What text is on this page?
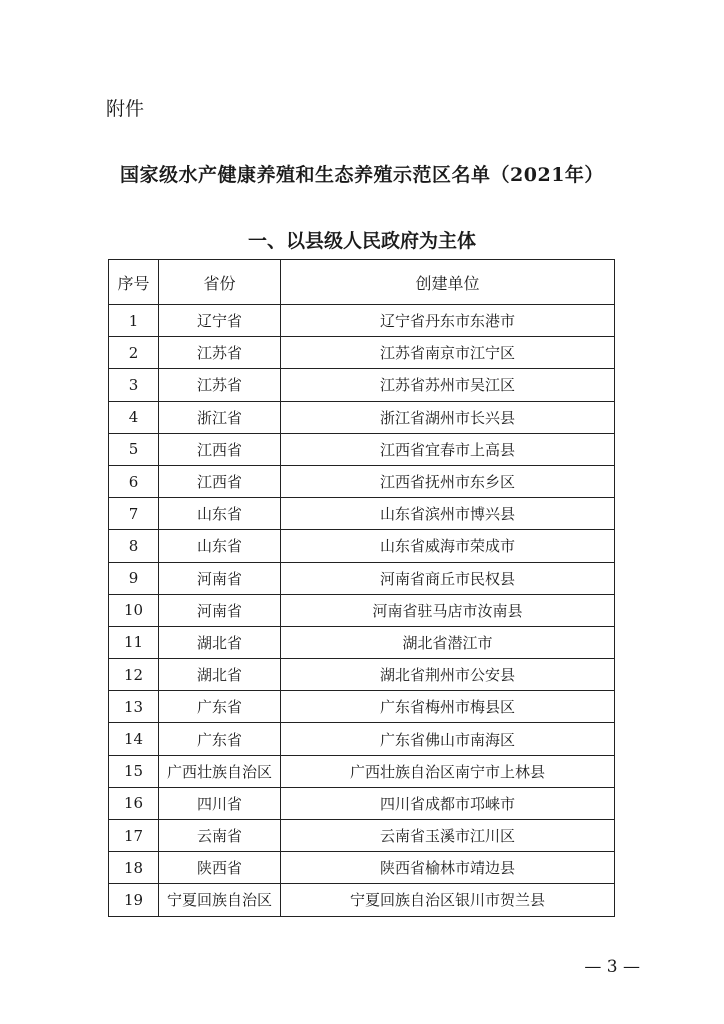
附件
国家级水产健康养殖和生态养殖示范区名单（2021年）
一、以县级人民政府为主体
序号	省份	创建单位
1	辽宁省	辽宁省丹东市东港市
2	江苏省	江苏省南京市江宁区
3	江苏省	江苏省苏州市吴江区
4	浙江省	浙江省湖州市长兴县
5	江西省	江西省宜春市上高县
6	江西省	江西省抚州市东乡区
7	山东省	山东省滨州市博兴县
8	山东省	山东省威海市荣成市
9	河南省	河南省商丘市民权县
10	河南省	河南省驻马店市汝南县
11	湖北省	湖北省潜江市
12	湖北省	湖北省荆州市公安县
13	广东省	广东省梅州市梅县区
14	广东省	广东省佛山市南海区
15	广西壮族自治区	广西壮族自治区南宁市上林县
16	四川省	四川省成都市邛崃市
17	云南省	云南省玉溪市江川区
18	陕西省	陕西省榆林市靖边县
19	宁夏回族自治区	宁夏回族自治区银川市贺兰县
— 3 —
